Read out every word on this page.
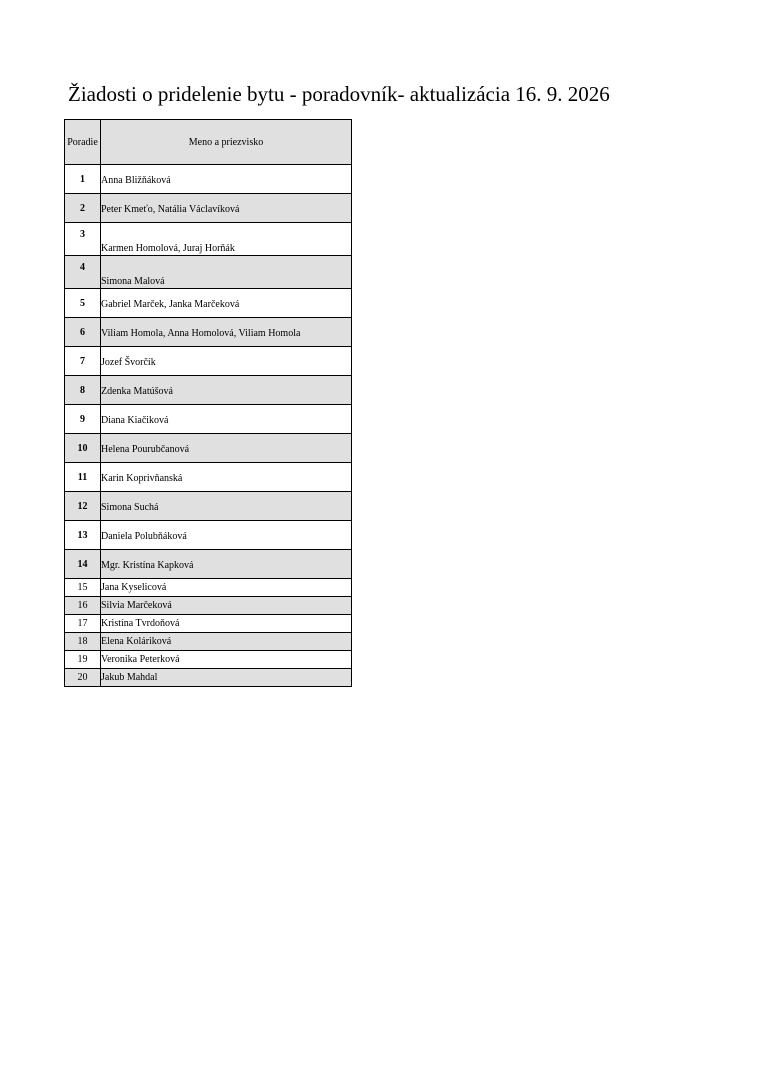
Žiadosti o pridelenie bytu - poradovník- aktualizácia 16. 9. 2026
Poradie	Meno a priezvisko
1	Anna Bližňáková
2	Peter Kmeťo, Natália Václavíková
3	Karmen Homolová, Juraj Horňák
4	Simona Malová
5	Gabriel Marček, Janka Marčeková
6	Viliam Homola, Anna Homolová, Viliam Homola
7	Jozef Švorčík
8	Zdenka Matúšová
9	Diana Kiačiková
10	Helena Pourubčanová
11	Karin Koprivňanská
12	Simona Suchá
13	Daniela Polubňáková
14	Mgr. Kristína Kapková
15	Jana Kyselicová
16	Silvia Marčeková
17	Kristína Tvrdoňová
18	Elena Koláriková
19	Veronika Peterková
20	Jakub Mahdal
